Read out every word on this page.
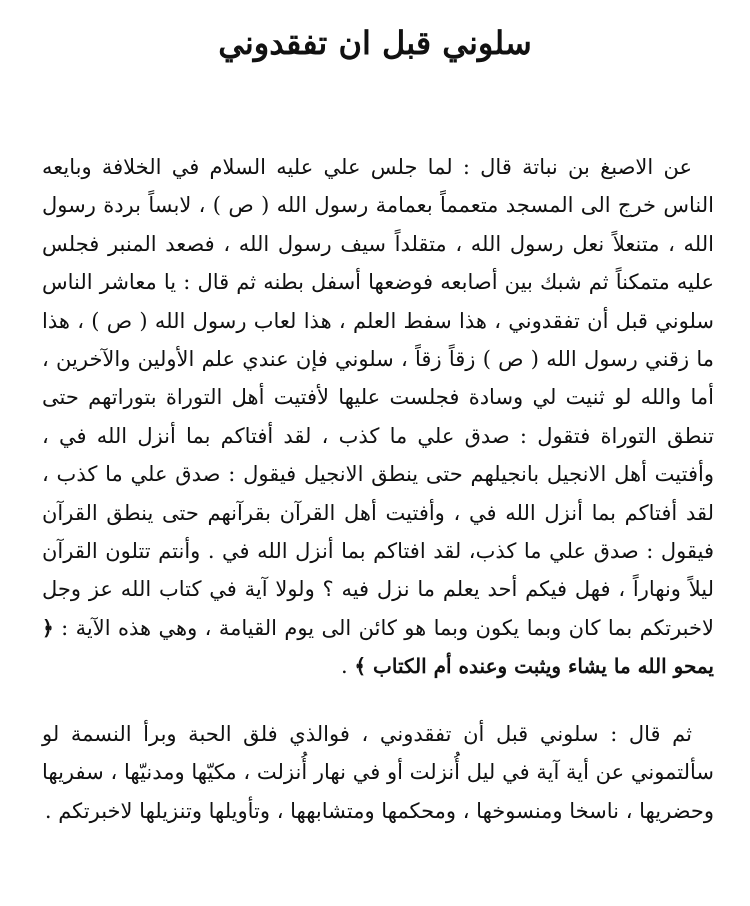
سلوني قبل ان تفقدوني

عن الاصبغ بن نباتة قال : لما جلس علي عليه السلام في الخلافة وبايعه الناس خرج الى المسجد متعمماً بعمامة رسول الله ( ص ) ، لابساً بردة رسول الله ، متنعلاً نعل رسول الله ، متقلداً سيف رسول الله ، فصعد المنبر فجلس عليه متمكناً ثم شبك بين أصابعه فوضعها أسفل بطنه ثم قال : يا معاشر الناس سلوني قبل أن تفقدوني ، هذا سفط العلم ، هذا لعاب رسول الله ( ص ) ، هذا ما زقني رسول الله ( ص ) زقاً زقاً ، سلوني فإن عندي علم الأولين والآخرين ، أما والله لو ثنيت لي وسادة فجلست عليها لأفتيت أهل التوراة بتوراتهم حتى تنطق التوراة فتقول : صدق علي ما كذب ، لقد أفتاكم بما أنزل الله في ، وأفتيت أهل الانجيل بانجيلهم حتى ينطق الانجيل فيقول : صدق علي ما كذب ، لقد أفتاكم بما أنزل الله في ، وأفتيت أهل القرآن بقرآنهم حتى ينطق القرآن فيقول : صدق علي ما كذب، لقد افتاكم بما أنزل الله في . وأنتم تتلون القرآن ليلاً ونهاراً ، فهل فيكم أحد يعلم ما نزل فيه ؟ ولولا آية في كتاب الله عز وجل لاخبرتكم بما كان وبما يكون وبما هو كائن الى يوم القيامة ، وهي هذه الآية : ﴿ يمحو الله ما يشاء ويثبت وعنده أم الكتاب ﴾ .

ثم قال : سلوني قبل أن تفقدوني ، فوالذي فلق الحبة وبرأ النسمة لو سألتموني عن أية آية في ليل أُنزلت أو في نهار أُنزلت ، مكيّها ومدنيّها ، سفريها وحضريها ، ناسخا ومنسوخها ، ومحكمها ومتشابهها ، وتأويلها وتنزيلها لاخبرتكم .
